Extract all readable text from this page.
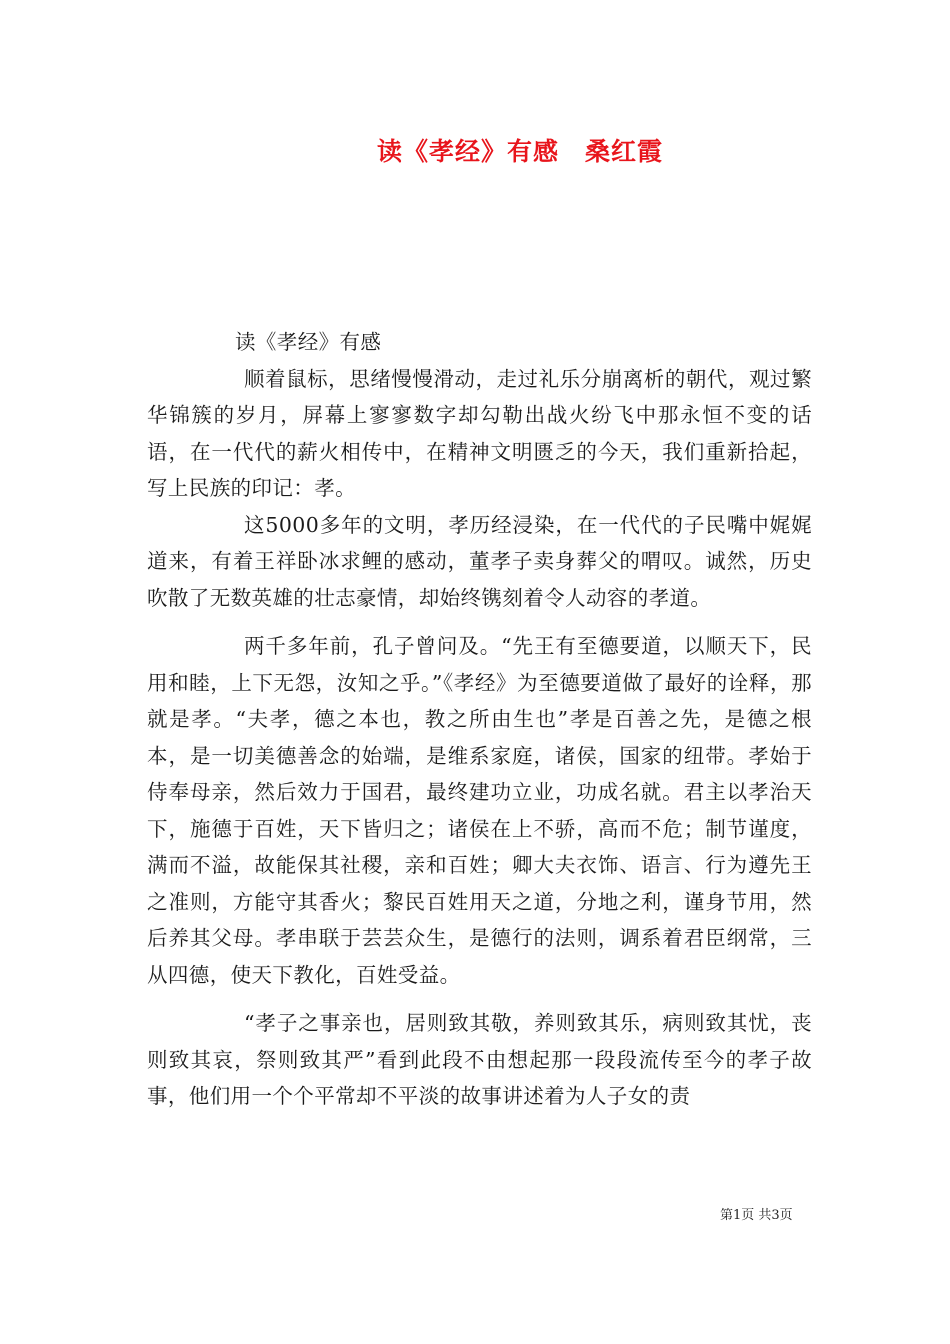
读《孝经》有感 桑红霞

读《孝经》有感

顺着鼠标，思绪慢慢滑动，走过礼乐分崩离析的朝代，观过繁华锦簇的岁月，屏幕上寥寥数字却勾勒出战火纷飞中那永恒不变的话语，在一代代的薪火相传中，在精神文明匮乏的今天，我们重新拾起，写上民族的印记：孝。

这5000多年的文明，孝历经浸染，在一代代的子民嘴中娓娓道来，有着王祥卧冰求鲤的感动，董孝子卖身葬父的喟叹。诚然，历史吹散了无数英雄的壮志豪情，却始终镌刻着令人动容的孝道。

两千多年前，孔子曾问及。“先王有至德要道，以顺天下，民用和睦，上下无怨，汝知之乎。”《孝经》为至德要道做了最好的诠释，那就是孝。“夫孝，德之本也，教之所由生也”孝是百善之先，是德之根本，是一切美德善念的始端，是维系家庭，诸侯，国家的纽带。孝始于侍奉母亲，然后效力于国君，最终建功立业，功成名就。君主以孝治天下，施德于百姓，天下皆归之；诸侯在上不骄，高而不危；制节谨度，满而不溢，故能保其社稷，亲和百姓；卿大夫衣饰、语言、行为遵先王之准则，方能守其香火；黎民百姓用天之道，分地之利，谨身节用，然后养其父母。孝串联于芸芸众生，是德行的法则，调系着君臣纲常，三从四德，使天下教化，百姓受益。

“孝子之事亲也，居则致其敬，养则致其乐，病则致其忧，丧则致其哀，祭则致其严”看到此段不由想起那一段段流传至今的孝子故事，他们用一个个平常却不平淡的故事讲述着为人子女的责

第1页 共3页
